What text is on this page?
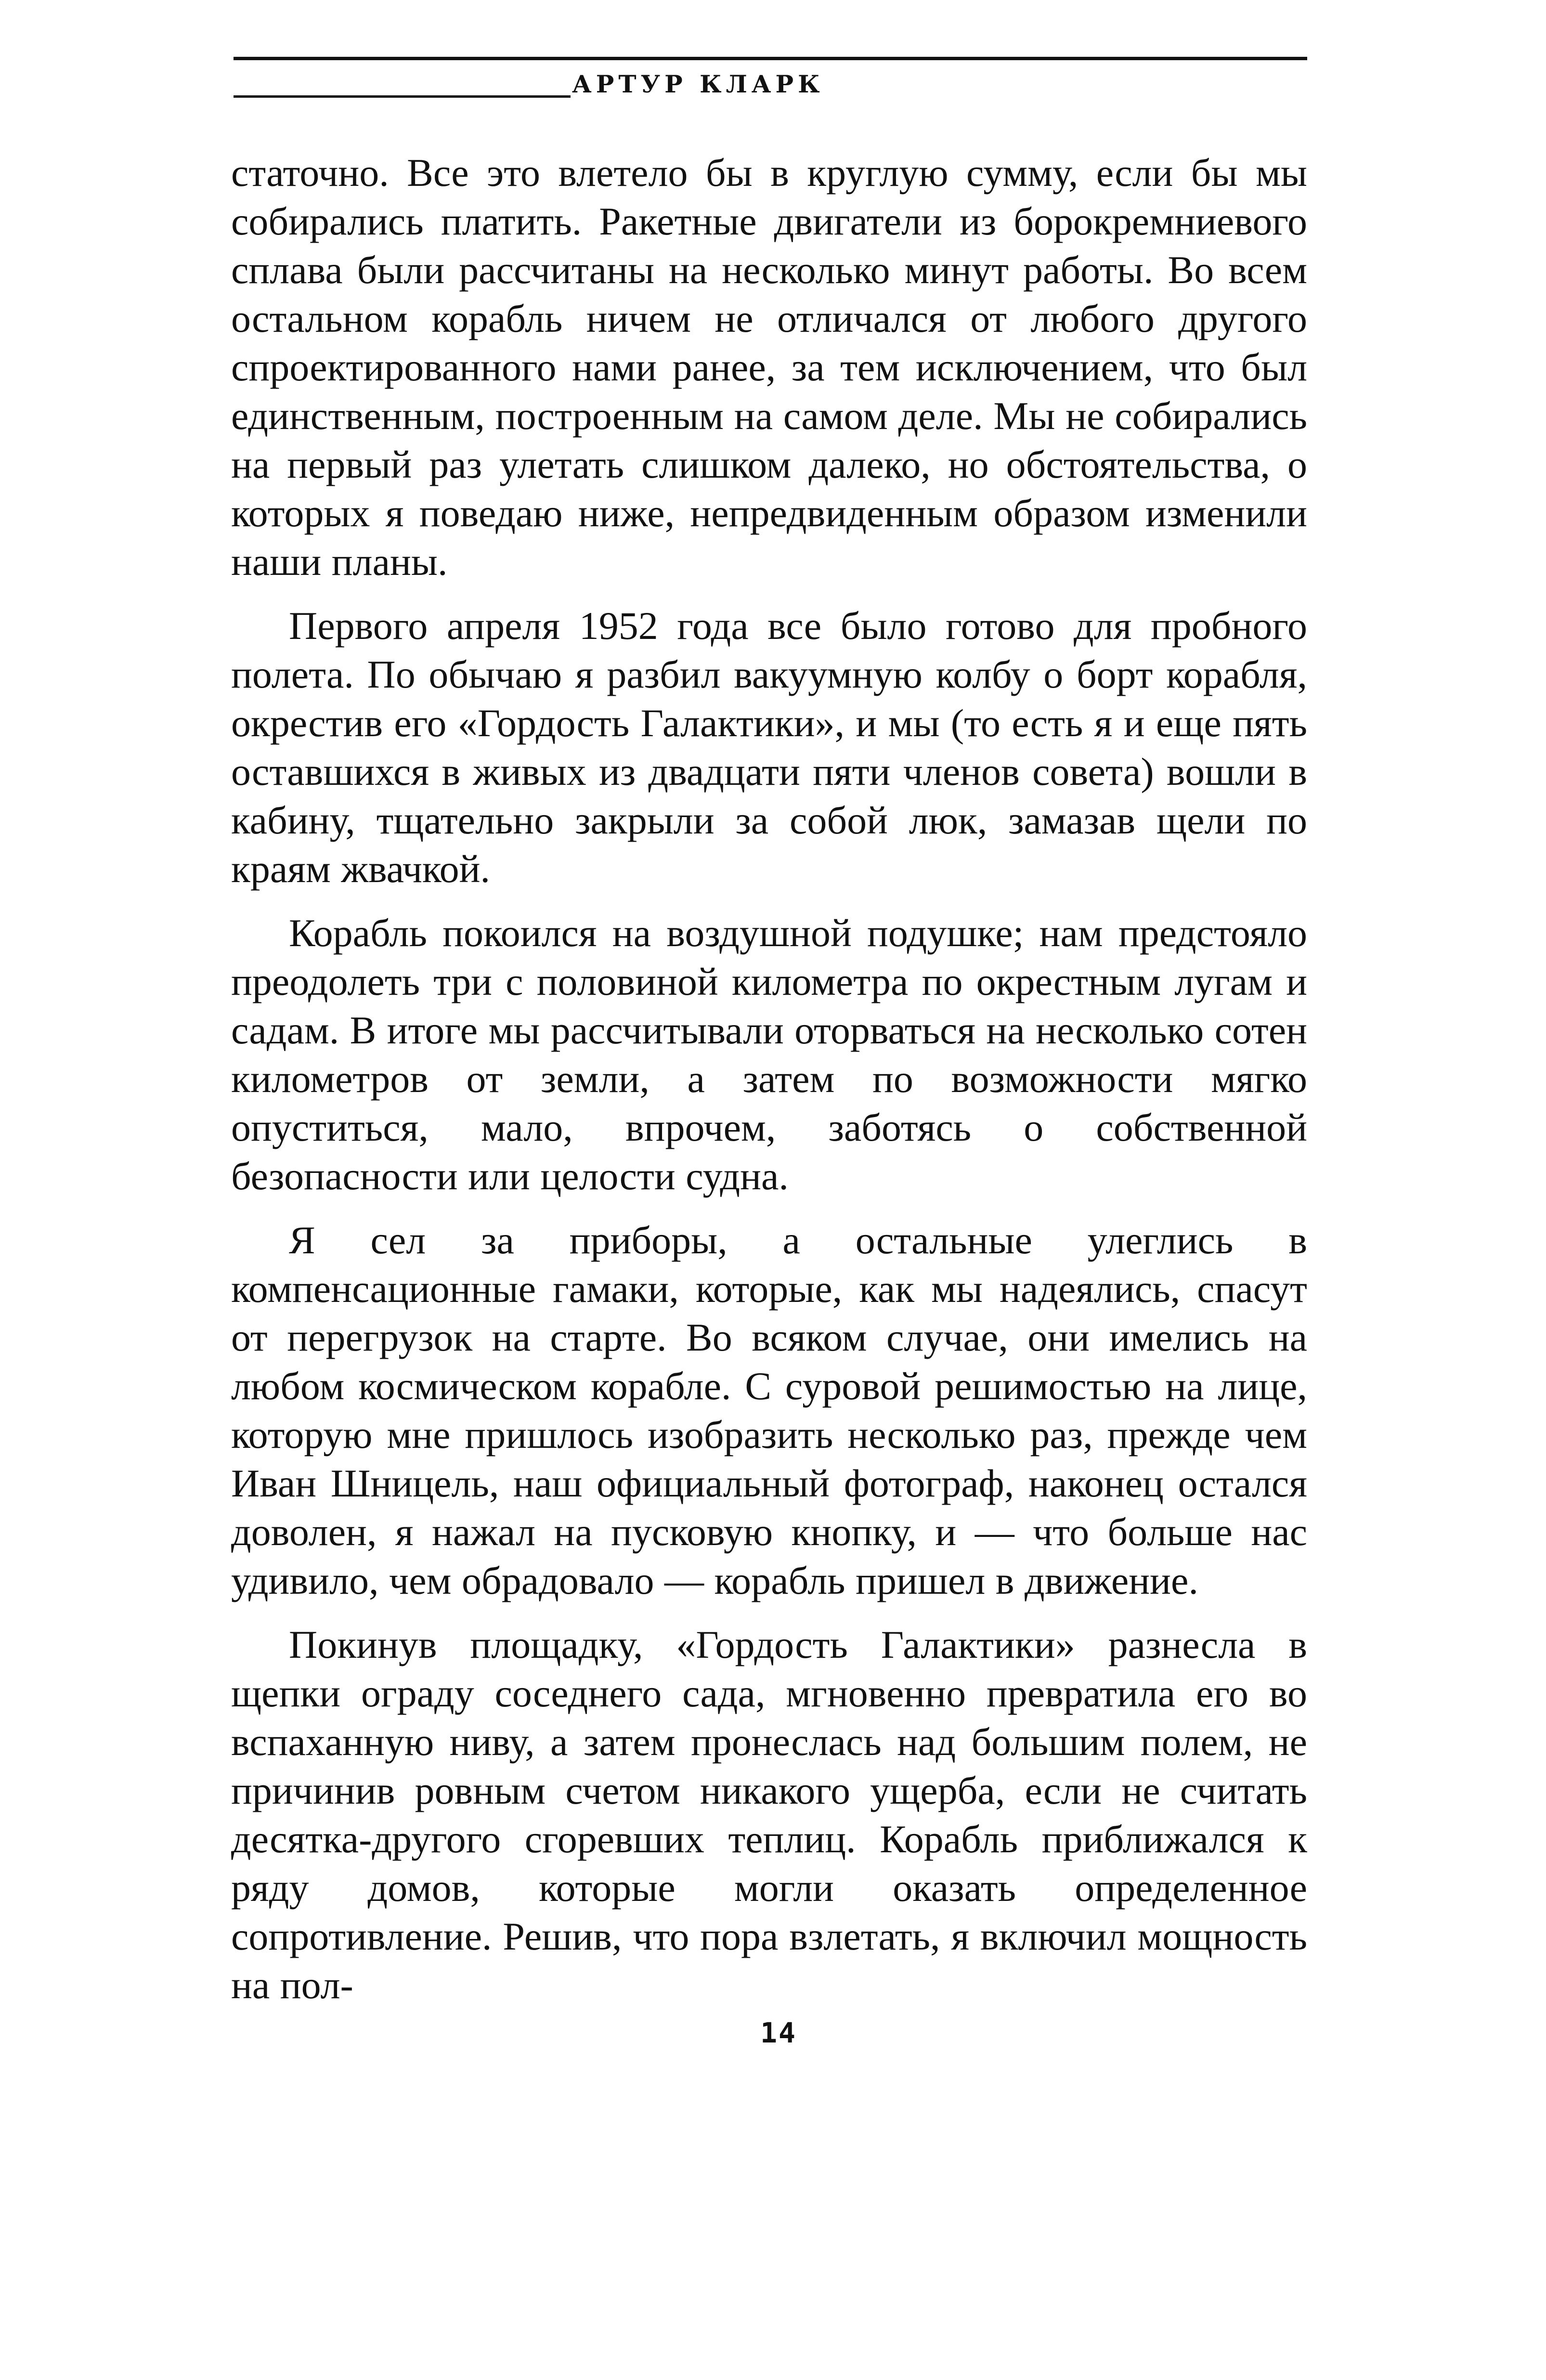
АРТУР КЛАРК

статочно. Все это влетело бы в круглую сумму, если бы мы собирались платить. Ракетные двигатели из борокремниевого сплава были рассчитаны на несколько минут работы. Во всем остальном корабль ничем не отличался от любого другого спроектированного нами ранее, за тем исключением, что был единственным, построенным на самом деле. Мы не собирались на первый раз улетать слишком далеко, но обстоятельства, о которых я поведаю ниже, непредвиденным образом изменили наши планы.

Первого апреля 1952 года все было готово для пробного полета. По обычаю я разбил вакуумную колбу о борт корабля, окрестив его «Гордость Галактики», и мы (то есть я и еще пять оставшихся в живых из двадцати пяти членов совета) вошли в кабину, тщательно закрыли за собой люк, замазав щели по краям жвачкой.

Корабль покоился на воздушной подушке; нам предстояло преодолеть три с половиной километра по окрестным лугам и садам. В итоге мы рассчитывали оторваться на несколько сотен километров от земли, а затем по возможности мягко опуститься, мало, впрочем, заботясь о собственной безопасности или целости судна.

Я сел за приборы, а остальные улеглись в компенсационные гамаки, которые, как мы надеялись, спасут от перегрузок на старте. Во всяком случае, они имелись на любом космическом корабле. С суровой решимостью на лице, которую мне пришлось изобразить несколько раз, прежде чем Иван Шницель, наш официальный фотограф, наконец остался доволен, я нажал на пусковую кнопку, и — что больше нас удивило, чем обрадовало — корабль пришел в движение.

Покинув площадку, «Гордость Галактики» разнесла в щепки ограду соседнего сада, мгновенно превратила его во вспаханную ниву, а затем пронеслась над большим полем, не причинив ровным счетом никакого ущерба, если не считать десятка-другого сгоревших теплиц. Корабль приближался к ряду домов, которые могли оказать определенное сопротивление. Решив, что пора взлетать, я включил мощность на пол-

14
